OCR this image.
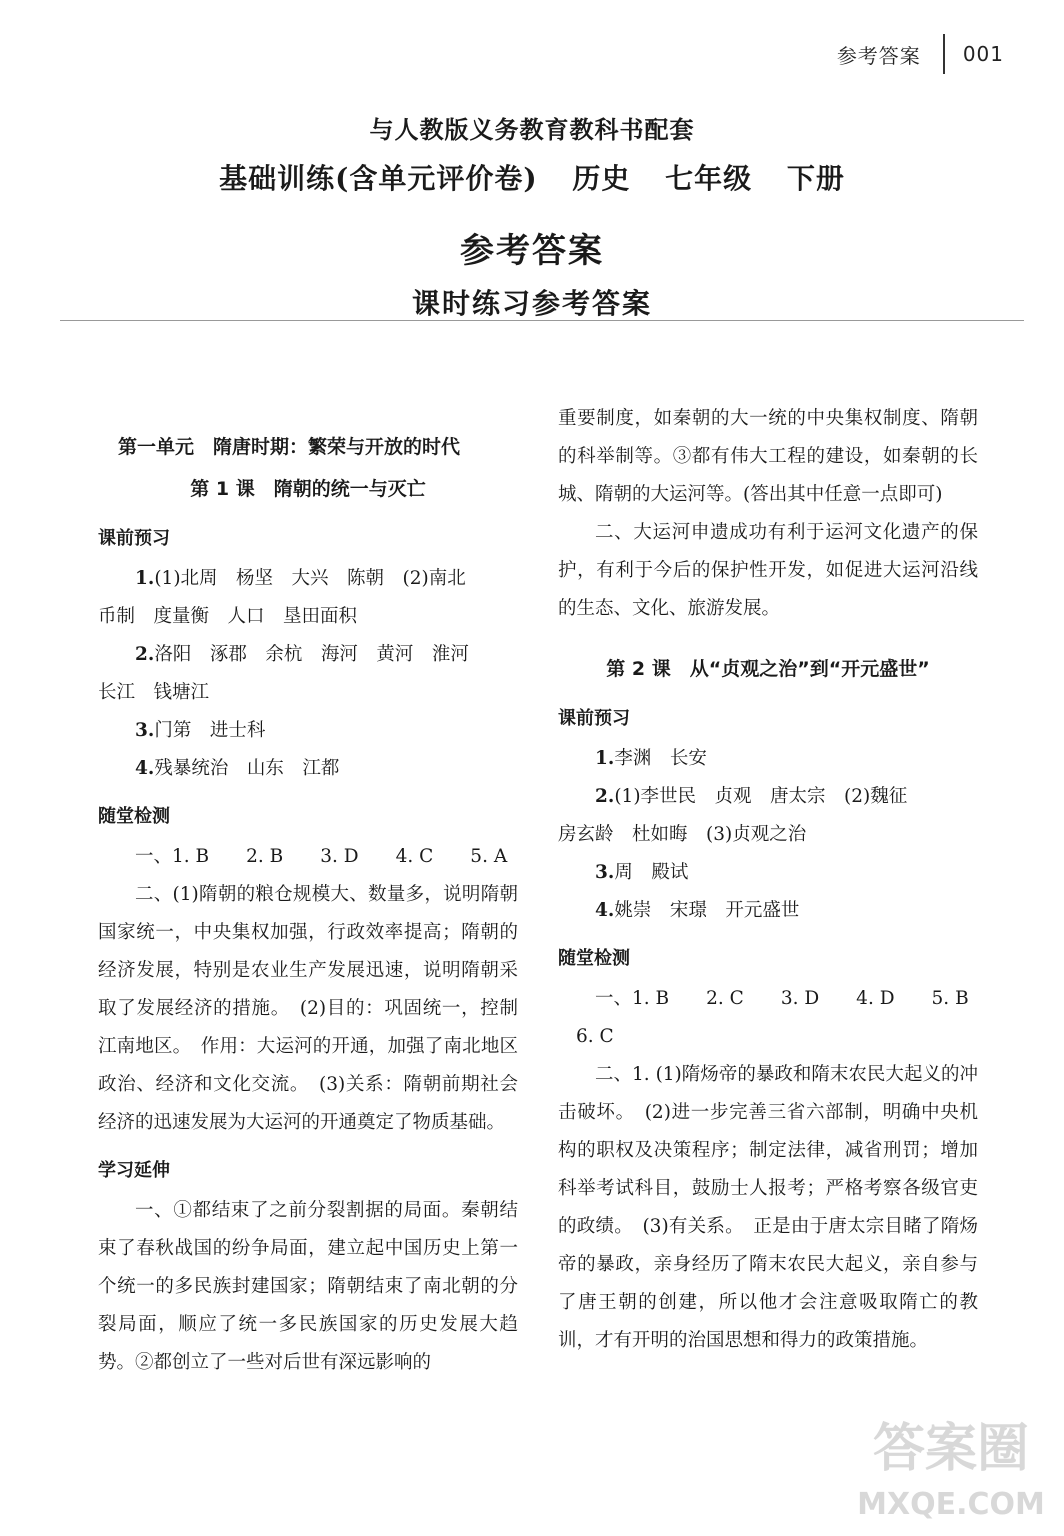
参考答案 001

与人教版义务教育教科书配套

基础训练(含单元评价卷) 历史 七年级 下册

参考答案

课时练习参考答案

第一单元　隋唐时期：繁荣与开放的时代
第 1 课　隋朝的统一与灭亡
课前预习

1.(1)北周　杨坚　大兴　陈朝　(2)南北

币制　度量衡　人口　垦田面积

2.洛阳　涿郡　余杭　海河　黄河　淮河

长江　钱塘江

3.门第　进士科

4.残暴统治　山东　江都

随堂检测

一、1. B　　2. B　　3. D　　4. C　　5. A

二、(1)隋朝的粮仓规模大、数量多，说明隋朝国家统一，中央集权加强，行政效率提高；隋朝的经济发展，特别是农业生产发展迅速，说明隋朝采取了发展经济的措施。　(2)目的：巩固统一，控制江南地区。　作用：大运河的开通，加强了南北地区政治、经济和文化交流。　(3)关系：隋朝前期社会经济的迅速发展为大运河的开通奠定了物质基础。

学习延伸

一、①都结束了之前分裂割据的局面。秦朝结束了春秋战国的纷争局面，建立起中国历史上第一个统一的多民族封建国家；隋朝结束了南北朝的分裂局面，顺应了统一多民族国家的历史发展大趋势。②都创立了一些对后世有深远影响的

重要制度，如秦朝的大一统的中央集权制度、隋朝的科举制等。③都有伟大工程的建设，如秦朝的长城、隋朝的大运河等。(答出其中任意一点即可)

二、大运河申遗成功有利于运河文化遗产的保护，有利于今后的保护性开发，如促进大运河沿线的生态、文化、旅游发展。

第 2 课　从“贞观之治”到“开元盛世”
课前预习

1.李渊　长安

2.(1)李世民　贞观　唐太宗　(2)魏征

房玄龄　杜如晦　(3)贞观之治

3.周　殿试

4.姚崇　宋璟　开元盛世

随堂检测

一、1. B　　2. C　　3. D　　4. D　　5. B

6. C

二、1. (1)隋炀帝的暴政和隋末农民大起义的冲击破坏。　(2)进一步完善三省六部制，明确中央机构的职权及决策程序；制定法律，减省刑罚；增加科举考试科目，鼓励士人报考；严格考察各级官吏的政绩。　(3)有关系。　正是由于唐太宗目睹了隋炀帝的暴政，亲身经历了隋末农民大起义，亲自参与了唐王朝的创建，所以他才会注意吸取隋亡的教训，才有开明的治国思想和得力的政策措施。

答案圈
MXQE.COM
